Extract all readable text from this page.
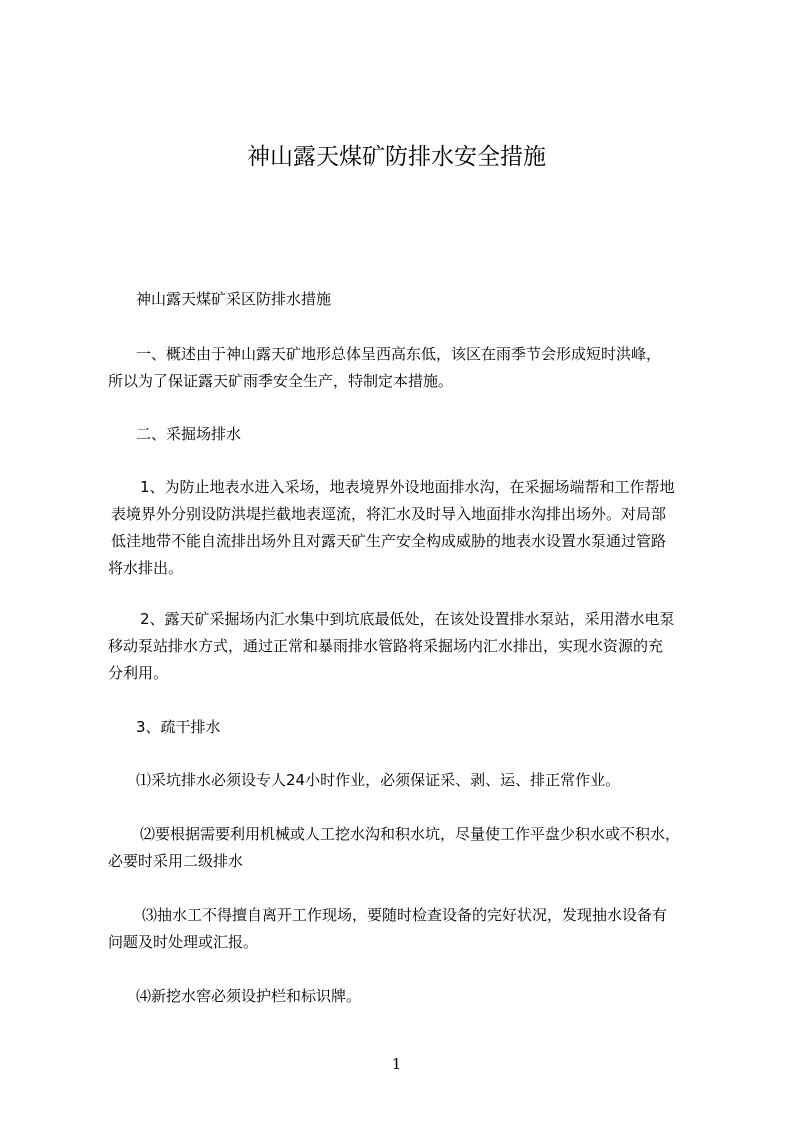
神山露天煤矿防排水安全措施

神山露天煤矿采区防排水措施

一、概述由于神山露天矿地形总体呈西高东低，该区在雨季节会形成短时洪峰，
所以为了保证露天矿雨季安全生产，特制定本措施。

二、采掘场排水

1、为防止地表水进入采场，地表境界外设地面排水沟，在采掘场端帮和工作帮地
表境界外分别设防洪堤拦截地表逕流，将汇水及时导入地面排水沟排出场外。对局部
低洼地带不能自流排出场外且对露天矿生产安全构成威胁的地表水设置水泵通过管路
将水排出。

2、露天矿采掘场内汇水集中到坑底最低处，在该处设置排水泵站，采用潜水电泵
移动泵站排水方式，通过正常和暴雨排水管路将采掘场内汇水排出，实现水资源的充
分利用。

3、疏干排水

⑴采坑排水必须设专人24小时作业，必须保证采、剥、运、排正常作业。

⑵要根据需要利用机械或人工挖水沟和积水坑，尽量使工作平盘少积水或不积水，
必要时采用二级排水

⑶抽水工不得擅自离开工作现场，要随时检查设备的完好状况，发现抽水设备有
问题及时处理或汇报。

⑷新挖水窖必须设护栏和标识牌。

1
